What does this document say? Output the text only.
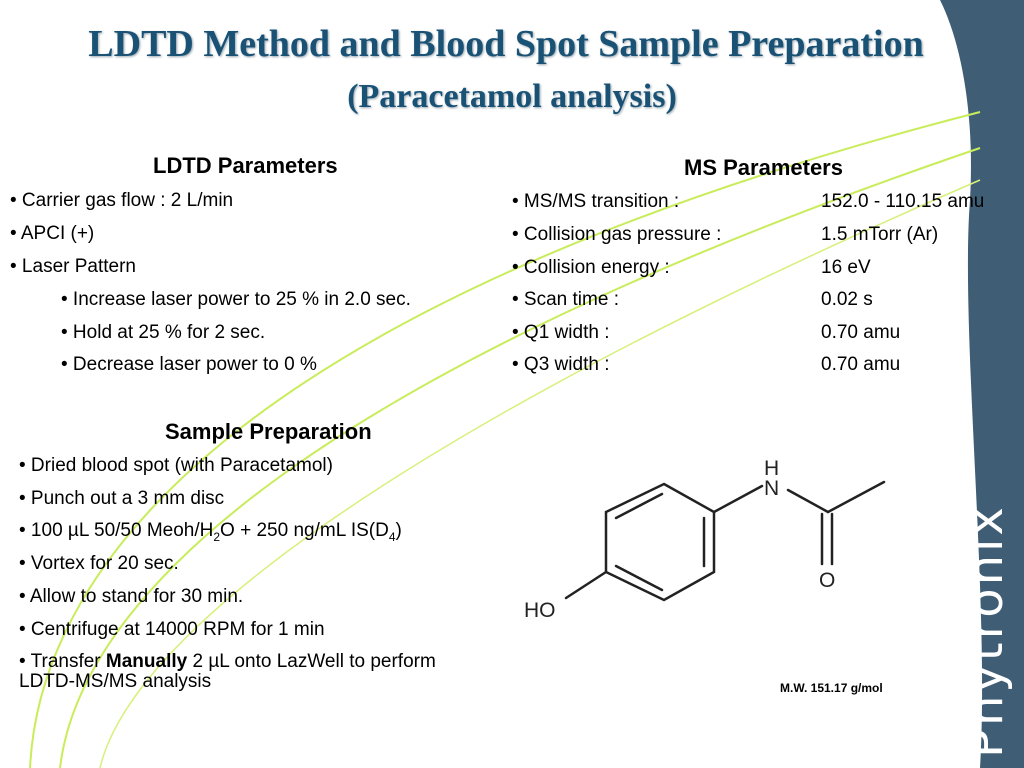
LDTD Method and Blood Spot Sample Preparation
(Paracetamol analysis)
LDTD Parameters
• Carrier gas flow : 2 L/min
• APCI (+)
• Laser Pattern
• Increase laser power to 25 % in 2.0 sec.
• Hold at 25 % for 2 sec.
• Decrease laser power to 0 %
MS Parameters
• MS/MS transition :	152.0 - 110.15 amu
• Collision gas pressure :	1.5 mTorr (Ar)
• Collision energy :	16 eV
• Scan time :	0.02 s
• Q1 width :	0.70 amu
• Q3 width :	0.70 amu
Sample Preparation
• Dried blood spot (with Paracetamol)
• Punch out a 3 mm disc
• 100 µL 50/50 Meoh/$H_2O + 250$ ng/mL $IS(D_4)$
• Vortex for 20 sec.
• Allow to stand for 30 min.
• Centrifuge at 14000 RPM for 1 min
• Transfer Manually 2 µL onto LazWell to perform
LDTD-MS/MS analysis
H
N
O
HO
M.W. 151.17 g/mol Phytronix
